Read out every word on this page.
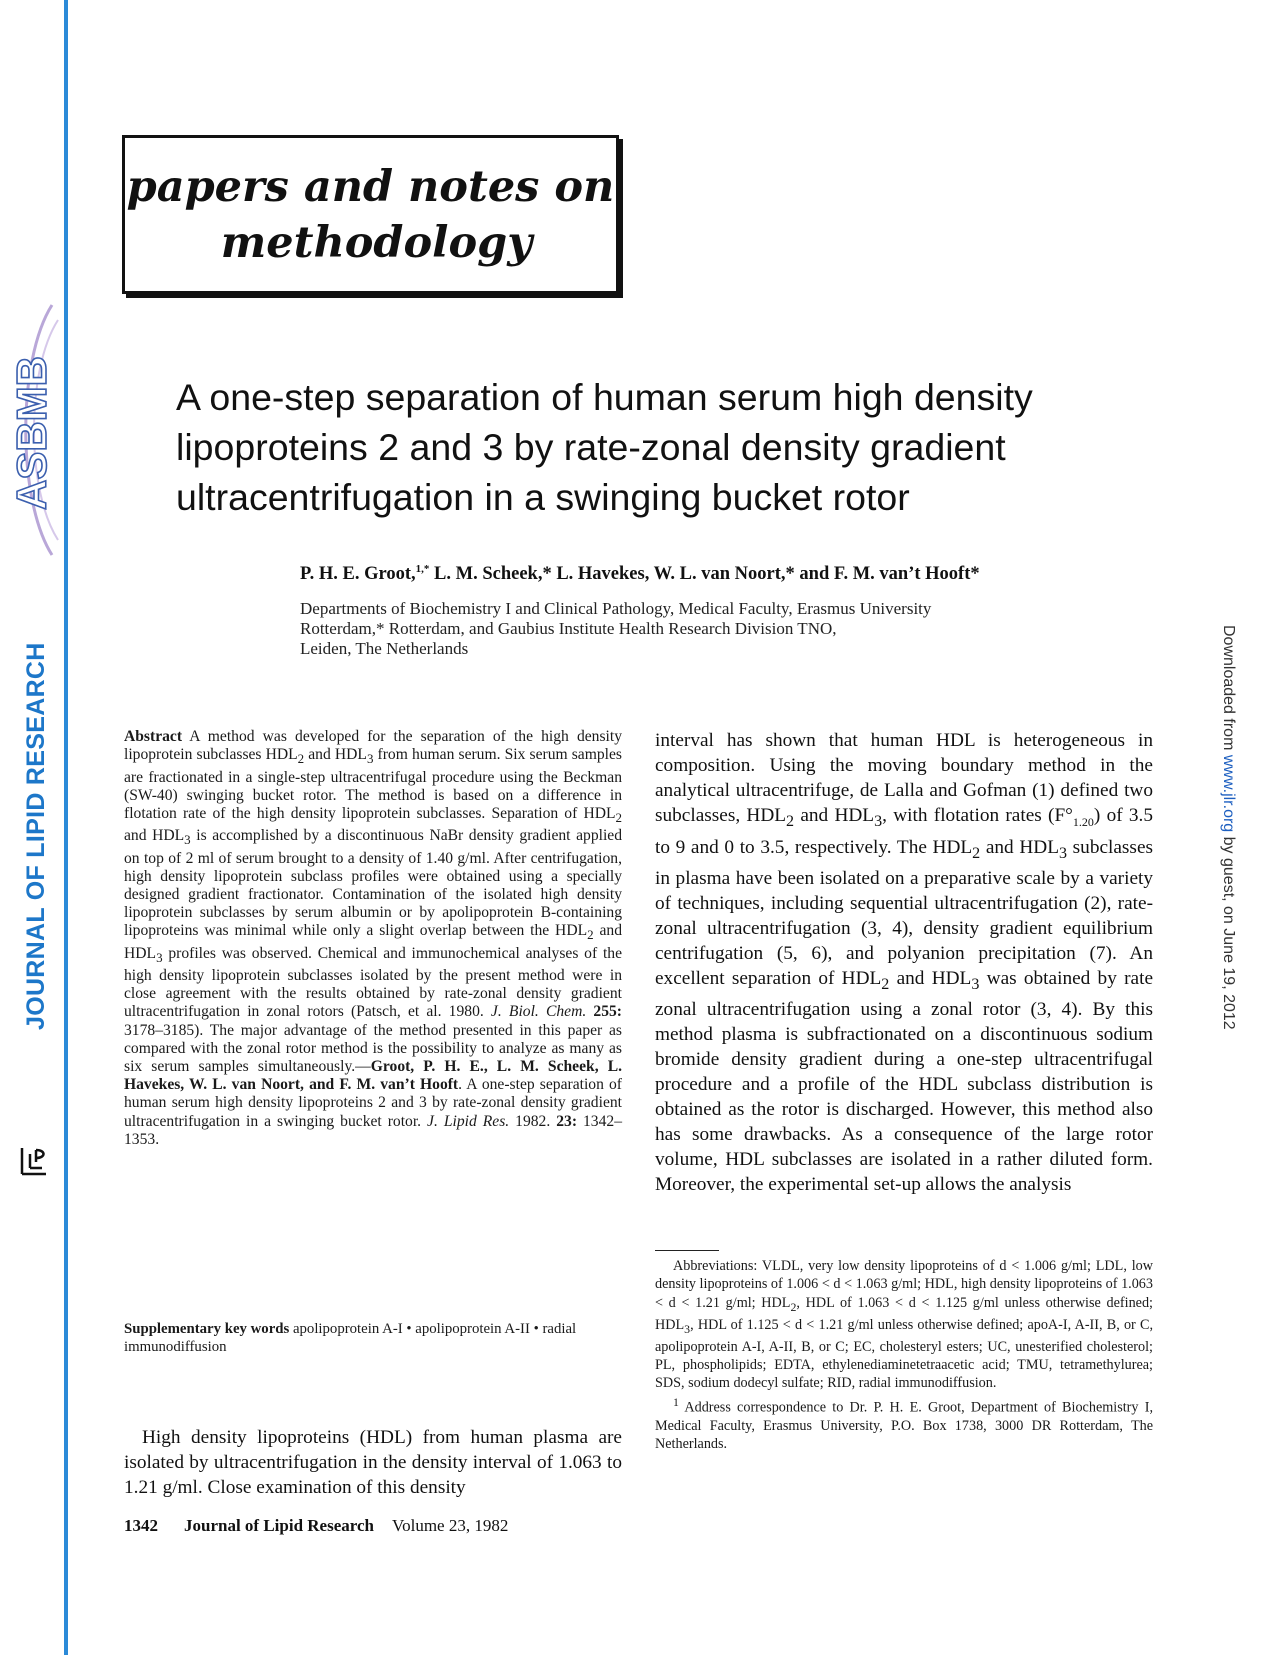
ASBMB
JOURNAL OF LIPID RESEARCH	Downloaded from www.jlr.org by guest, on June 19, 2012
papers and notes on
methodology
A one-step separation of human serum high density
lipoproteins 2 and 3 by rate-zonal density gradient
ultracentrifugation in a swinging bucket rotor
P. H. E. Groot,$^{1,*}$ L. M. Scheek,* L. Havekes, W. L. van Noort,* and F. M. van’t Hooft*
Departments of Biochemistry I and Clinical Pathology, Medical Faculty, Erasmus University
Rotterdam,* Rotterdam, and Gaubius Institute Health Research Division TNO,
Leiden, The Netherlands
Abstract A method was developed for the separation of the high density lipoprotein subclasses $HDL_2$ and $HDL_3$ from human serum. Six serum samples are fractionated in a single-step ultracentrifugal procedure using the Beckman (SW-40) swinging bucket rotor. The method is based on a difference in flotation rate of the high density lipoprotein subclasses. Separation of $HDL_2$ and $HDL_3$ is accomplished by a discontinuous NaBr density gradient applied on top of 2 ml of serum brought to a density of 1.40 g/ml. After centrifugation, high density lipoprotein subclass profiles were obtained using a specially designed gradient fractionator. Contamination of the isolated high density lipoprotein subclasses by serum albumin or by apolipoprotein B-containing lipoproteins was minimal while only a slight overlap between the $HDL_2$ and $HDL_3$ profiles was observed. Chemical and immunochemical analyses of the high density lipoprotein subclasses isolated by the present method were in close agreement with the results obtained by rate-zonal density gradient ultracentrifugation in zonal rotors (Patsch, et al. 1980. J. Biol. Chem. 255: 3178–3185). The major advantage of the method presented in this paper as compared with the zonal rotor method is the possibility to analyze as many as six serum samples simultaneously.—Groot, P. H. E., L. M. Scheek, L. Havekes, W. L. van Noort, and F. M. van’t Hooft. A one-step separation of human serum high density lipoproteins 2 and 3 by rate-zonal density gradient ultracentrifugation in a swinging bucket rotor. J. Lipid Res. 1982. 23: 1342–1353.
Supplementary key words apolipoprotein A-I • apolipoprotein A-II • radial immunodiffusion
High density lipoproteins (HDL) from human plasma are isolated by ultracentrifugation in the density interval of 1.063 to 1.21 g/ml. Close examination of this density
interval has shown that human HDL is heterogeneous in composition. Using the moving boundary method in the analytical ultracentrifuge, de Lalla and Gofman (1) defined two subclasses, $HDL_2$ and $HDL_3$, with flotation rates $(F^\circ_{1.20})$ of 3.5 to 9 and 0 to 3.5, respectively. The $HDL_2$ and $HDL_3$ subclasses in plasma have been isolated on a preparative scale by a variety of techniques, including sequential ultracentrifugation (2), rate-zonal ultracentrifugation (3, 4), density gradient equilibrium centrifugation (5, 6), and polyanion precipitation (7). An excellent separation of $HDL_2$ and $HDL_3$ was obtained by rate zonal ultracentrifugation using a zonal rotor (3, 4). By this method plasma is subfractionated on a discontinuous sodium bromide density gradient during a one-step ultracentrifugal procedure and a profile of the HDL subclass distribution is obtained as the rotor is discharged. However, this method also has some drawbacks. As a consequence of the large rotor volume, HDL subclasses are isolated in a rather diluted form. Moreover, the experimental set-up allows the analysis
Abbreviations: VLDL, very low density lipoproteins of d < 1.006 g/ml; LDL, low density lipoproteins of 1.006 < d < 1.063 g/ml; HDL, high density lipoproteins of 1.063 < d < 1.21 g/ml; $HDL_2$, HDL of 1.063 < d < 1.125 g/ml unless otherwise defined; $HDL_3$, HDL of 1.125 < d < 1.21 g/ml unless otherwise defined; apoA-I, A-II, B, or C, apolipoprotein A-I, A-II, B, or C; EC, cholesteryl esters; UC, unesterified cholesterol; PL, phospholipids; EDTA, ethylenediaminetetraacetic acid; TMU, tetramethylurea; SDS, sodium dodecyl sulfate; RID, radial immunodiffusion.
$^1$ Address correspondence to Dr. P. H. E. Groot, Department of Biochemistry I, Medical Faculty, Erasmus University, P.O. Box 1738, 3000 DR Rotterdam, The Netherlands.
1342 Journal of Lipid Research Volume 23, 1982
